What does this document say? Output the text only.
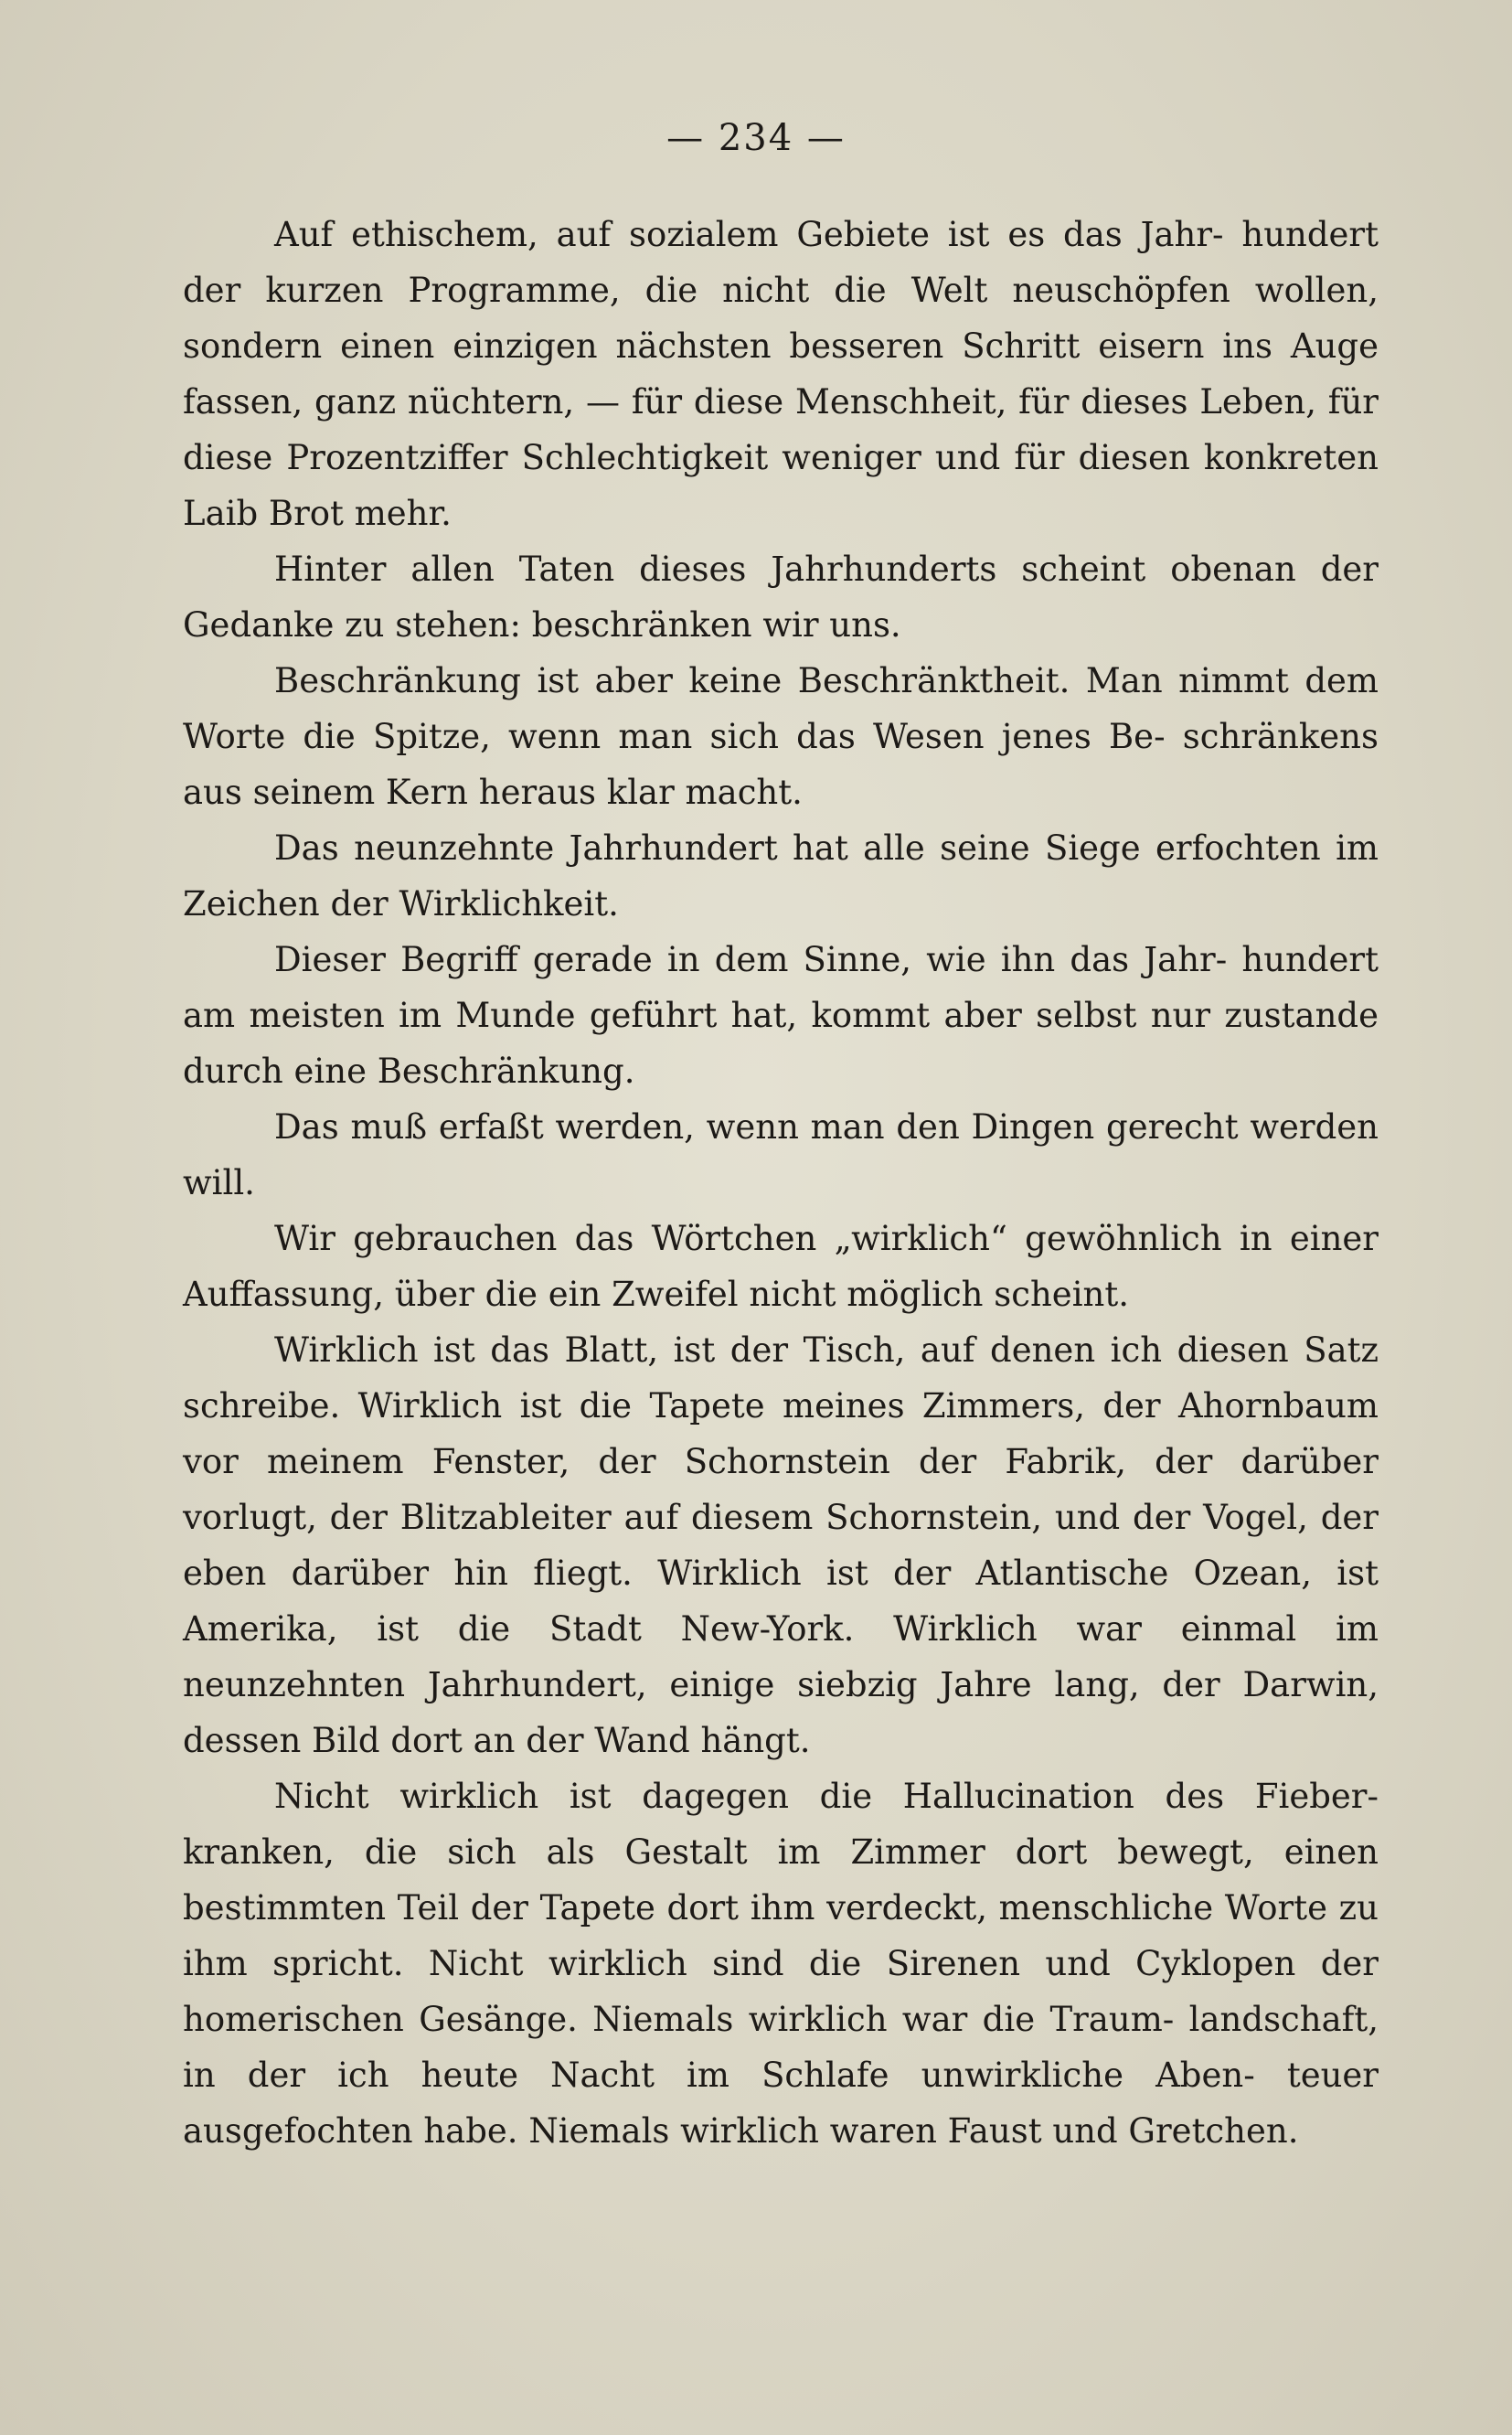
— 234 —

Auf ethischem, auf sozialem Gebiete ist es das Jahr- hundert der kurzen Programme, die nicht die Welt neuschöpfen wollen, sondern einen einzigen nächsten besseren Schritt eisern ins Auge fassen, ganz nüchtern, — für diese Menschheit, für dieses Leben, für diese Prozentziffer Schlechtigkeit weniger und für diesen konkreten Laib Brot mehr.

Hinter allen Taten dieses Jahrhunderts scheint obenan der Gedanke zu stehen: beschränken wir uns.

Beschränkung ist aber keine Beschränktheit. Man nimmt dem Worte die Spitze, wenn man sich das Wesen jenes Be- schränkens aus seinem Kern heraus klar macht.

Das neunzehnte Jahrhundert hat alle seine Siege erfochten im Zeichen der Wirklichkeit.

Dieser Begriff gerade in dem Sinne, wie ihn das Jahr- hundert am meisten im Munde geführt hat, kommt aber selbst nur zustande durch eine Beschränkung.

Das muß erfaßt werden, wenn man den Dingen gerecht werden will.

Wir gebrauchen das Wörtchen „wirklich“ gewöhnlich in einer Auffassung, über die ein Zweifel nicht möglich scheint.

Wirklich ist das Blatt, ist der Tisch, auf denen ich diesen Satz schreibe. Wirklich ist die Tapete meines Zimmers, der Ahornbaum vor meinem Fenster, der Schornstein der Fabrik, der darüber vorlugt, der Blitzableiter auf diesem Schornstein, und der Vogel, der eben darüber hin fliegt. Wirklich ist der Atlantische Ozean, ist Amerika, ist die Stadt New-York. Wirklich war einmal im neunzehnten Jahrhundert, einige siebzig Jahre lang, der Darwin, dessen Bild dort an der Wand hängt.

Nicht wirklich ist dagegen die Hallucination des Fieber- kranken, die sich als Gestalt im Zimmer dort bewegt, einen bestimmten Teil der Tapete dort ihm verdeckt, menschliche Worte zu ihm spricht. Nicht wirklich sind die Sirenen und Cyklopen der homerischen Gesänge. Niemals wirklich war die Traum- landschaft, in der ich heute Nacht im Schlafe unwirkliche Aben- teuer ausgefochten habe. Niemals wirklich waren Faust und Gretchen.
